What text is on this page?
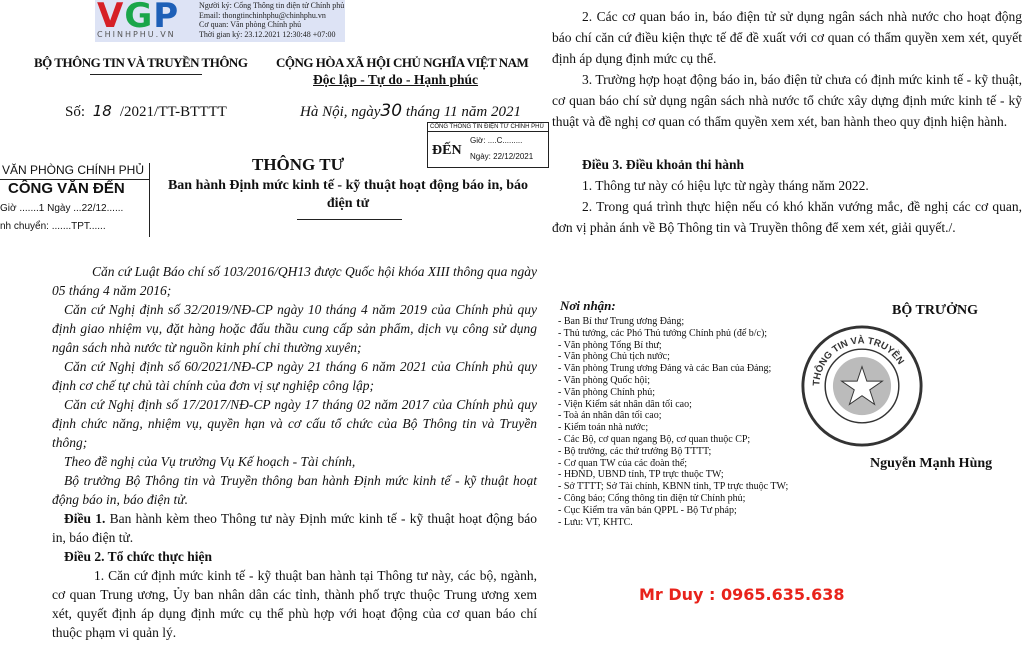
VGP
CHINHPHU.VN
Người ký: Cổng Thông tin điện tử Chính phủ
Email: thongtinchinhphu@chinhphu.vn
Cơ quan: Văn phòng Chính phủ
Thời gian ký: 23.12.2021 12:30:48 +07:00
BỘ THÔNG TIN VÀ TRUYỀN THÔNG CỘNG HÒA XÃ HỘI CHỦ NGHĨA VIỆT NAM
Độc lập - Tự do - Hạnh phúc
Số: 18 /2021/TT-BTTTT	Hà Nội, ngày30 tháng 11 năm 2021
CỔNG THÔNG TIN ĐIỆN TỬ CHÍNH PHỦ
ĐẾN
Giờ: ....C.........
Ngày: 22/12/2021
THÔNG TƯ
Ban hành Định mức kinh tế - kỹ thuật hoạt động báo in, báo điện tử
VĂN PHÒNG CHÍNH PHỦ
CÔNG VĂN ĐẾN
Giờ .......1 Ngày ...22/12......
nh chuyển: .......TPT......

Căn cứ Luật Báo chí số 103/2016/QH13 được Quốc hội khóa XIII thông qua ngày 05 tháng 4 năm 2016;

Căn cứ Nghị định số 32/2019/NĐ-CP ngày 10 tháng 4 năm 2019 của Chính phủ quy định giao nhiệm vụ, đặt hàng hoặc đấu thầu cung cấp sản phẩm, dịch vụ công sử dụng ngân sách nhà nước từ nguồn kinh phí chi thường xuyên;

Căn cứ Nghị định số 60/2021/NĐ-CP ngày 21 tháng 6 năm 2021 của Chính phủ quy định cơ chế tự chủ tài chính của đơn vị sự nghiệp công lập;

Căn cứ Nghị định số 17/2017/NĐ-CP ngày 17 tháng 02 năm 2017 của Chính phủ quy định chức năng, nhiệm vụ, quyền hạn và cơ cấu tổ chức của Bộ Thông tin và Truyền thông;

Theo đề nghị của Vụ trưởng Vụ Kế hoạch - Tài chính,

Bộ trưởng Bộ Thông tin và Truyền thông ban hành Định mức kinh tế - kỹ thuật hoạt động báo in, báo điện tử.

Điều 1. Ban hành kèm theo Thông tư này Định mức kinh tế - kỹ thuật hoạt động báo in, báo điện tử.

Điều 2. Tổ chức thực hiện

1. Căn cứ định mức kinh tế - kỹ thuật ban hành tại Thông tư này, các bộ, ngành, cơ quan Trung ương, Ủy ban nhân dân các tỉnh, thành phố trực thuộc Trung ương xem xét, quyết định áp dụng định mức cụ thể phù hợp với hoạt động của cơ quan báo chí thuộc phạm vi quản lý.

2. Các cơ quan báo in, báo điện tử sử dụng ngân sách nhà nước cho hoạt động báo chí căn cứ điều kiện thực tế để đề xuất với cơ quan có thẩm quyền xem xét, quyết định áp dụng định mức cụ thể.

3. Trường hợp hoạt động báo in, báo điện tử chưa có định mức kinh tế - kỹ thuật, cơ quan báo chí sử dụng ngân sách nhà nước tổ chức xây dựng định mức kinh tế - kỹ thuật và đề nghị cơ quan có thẩm quyền xem xét, ban hành theo quy định hiện hành.

Điều 3. Điều khoản thi hành

1. Thông tư này có hiệu lực từ ngày tháng năm 2022.

2. Trong quá trình thực hiện nếu có khó khăn vướng mắc, đề nghị các cơ quan, đơn vị phản ánh về Bộ Thông tin và Truyền thông để xem xét, giải quyết./.

Nơi nhận:
- Ban Bí thư Trung ương Đảng;
- Thủ tướng, các Phó Thủ tướng Chính phủ (để b/c);
- Văn phòng Tổng Bí thư;
- Văn phòng Chủ tịch nước;
- Văn phòng Trung ương Đảng và các Ban của Đảng;
- Văn phòng Quốc hội;
- Văn phòng Chính phủ;
- Viện Kiểm sát nhân dân tối cao;
- Toà án nhân dân tối cao;
- Kiểm toán nhà nước;
- Các Bộ, cơ quan ngang Bộ, cơ quan thuộc CP;
- Bộ trưởng, các thứ trưởng Bộ TTTT;
- Cơ quan TW của các đoàn thể;
- HĐND, UBND tỉnh, TP trực thuộc TW;
- Sở TTTT; Sở Tài chính, KBNN tỉnh, TP trực thuộc TW;
- Công báo; Cổng thông tin điện tử Chính phủ;
- Cục Kiểm tra văn bản QPPL - Bộ Tư pháp;
- Lưu: VT, KHTC.
BỘ TRƯỞNG
THÔNG TIN VÀ TRUYỀN
Nguyễn Mạnh Hùng
Mr Duy : 0965.635.638
